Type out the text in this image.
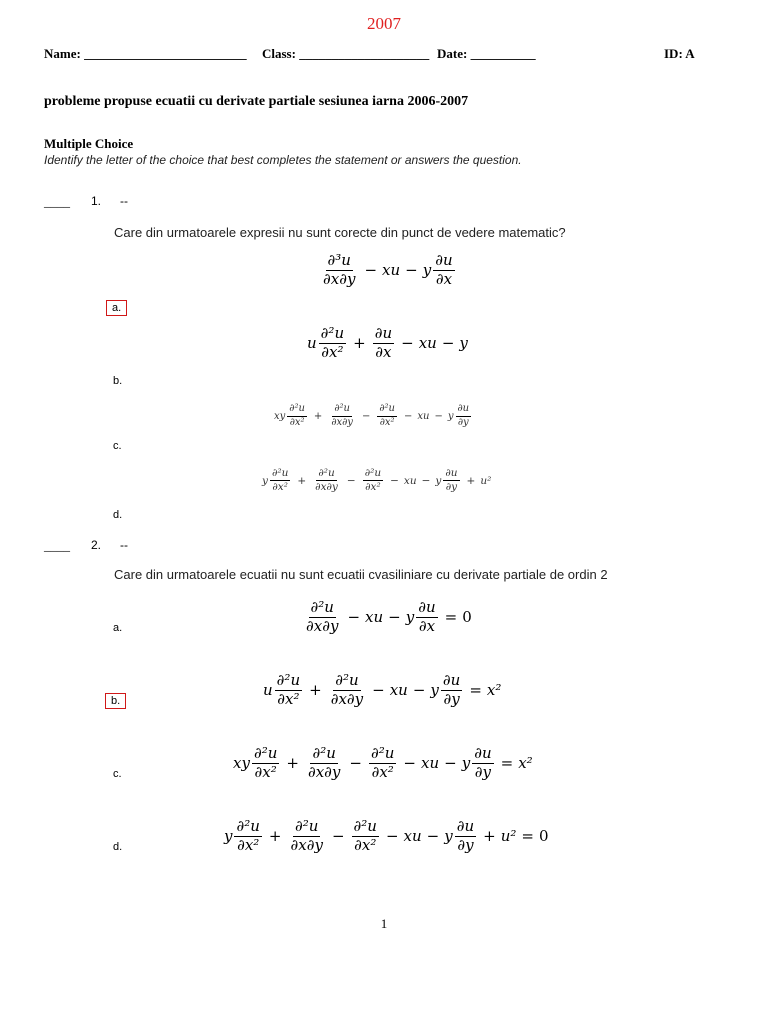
2007
Name: _________________________ Class: ____________________ Date: __________	ID: A
probleme propuse ecuatii cu derivate partiale sesiunea iarna 2006-2007
Multiple Choice
Identify the letter of the choice that best completes the statement or answers the question.
____ 1. --
Care din urmatoarele expresii nu sunt corecte din punct de vedere matematic?
$\frac{\text{∂³u}}{\partial x\partial y}$ − xu − y $\frac{\partial u}{\partial x}$
a.
u $\frac{\text{∂²u}}{\text{∂x²}} + \frac{\partial u}{\partial x}$ − xu − y
b.
xy $\frac{\text{∂²u}}{\text{∂x²}} + \frac{\text{∂²u}}{\partial x\partial y} - \frac{\text{∂²u}}{\text{∂x²}}$ − xu − y $\frac{\partial u}{\partial y}$
c.
y $\frac{\text{∂²u}}{\text{∂x²}} + \frac{\text{∂²u}}{\partial x\partial y} - \frac{\text{∂²u}}{\text{∂x²}}$ − xu − y $\frac{\partial u}{\partial y} + u^2$
d.
____ 2. --
Care din urmatoarele ecuatii nu sunt ecuatii cvasiliniare cu derivate partiale de ordin 2
$\frac{\text{∂²u}}{\partial x\partial y}$ − xu − y $\frac{\partial u}{\partial x} = 0$
a.
u $\frac{\text{∂²u}}{\text{∂x²}} + \frac{\text{∂²u}}{\partial x\partial y}$ − xu − y $\frac{\partial u}{\partial y} = x^2$
b.
xy $\frac{\text{∂²u}}{\text{∂x²}} + \frac{\text{∂²u}}{\partial x\partial y} - \frac{\text{∂²u}}{\text{∂x²}}$ − xu − y $\frac{\partial u}{\partial y} = x^2$
c.
y $\frac{\text{∂²u}}{\text{∂x²}} + \frac{\text{∂²u}}{\partial x\partial y} - \frac{\text{∂²u}}{\text{∂x²}}$ − xu − y $\frac{\partial u}{\partial y} + u^2 = 0$
d.
1
